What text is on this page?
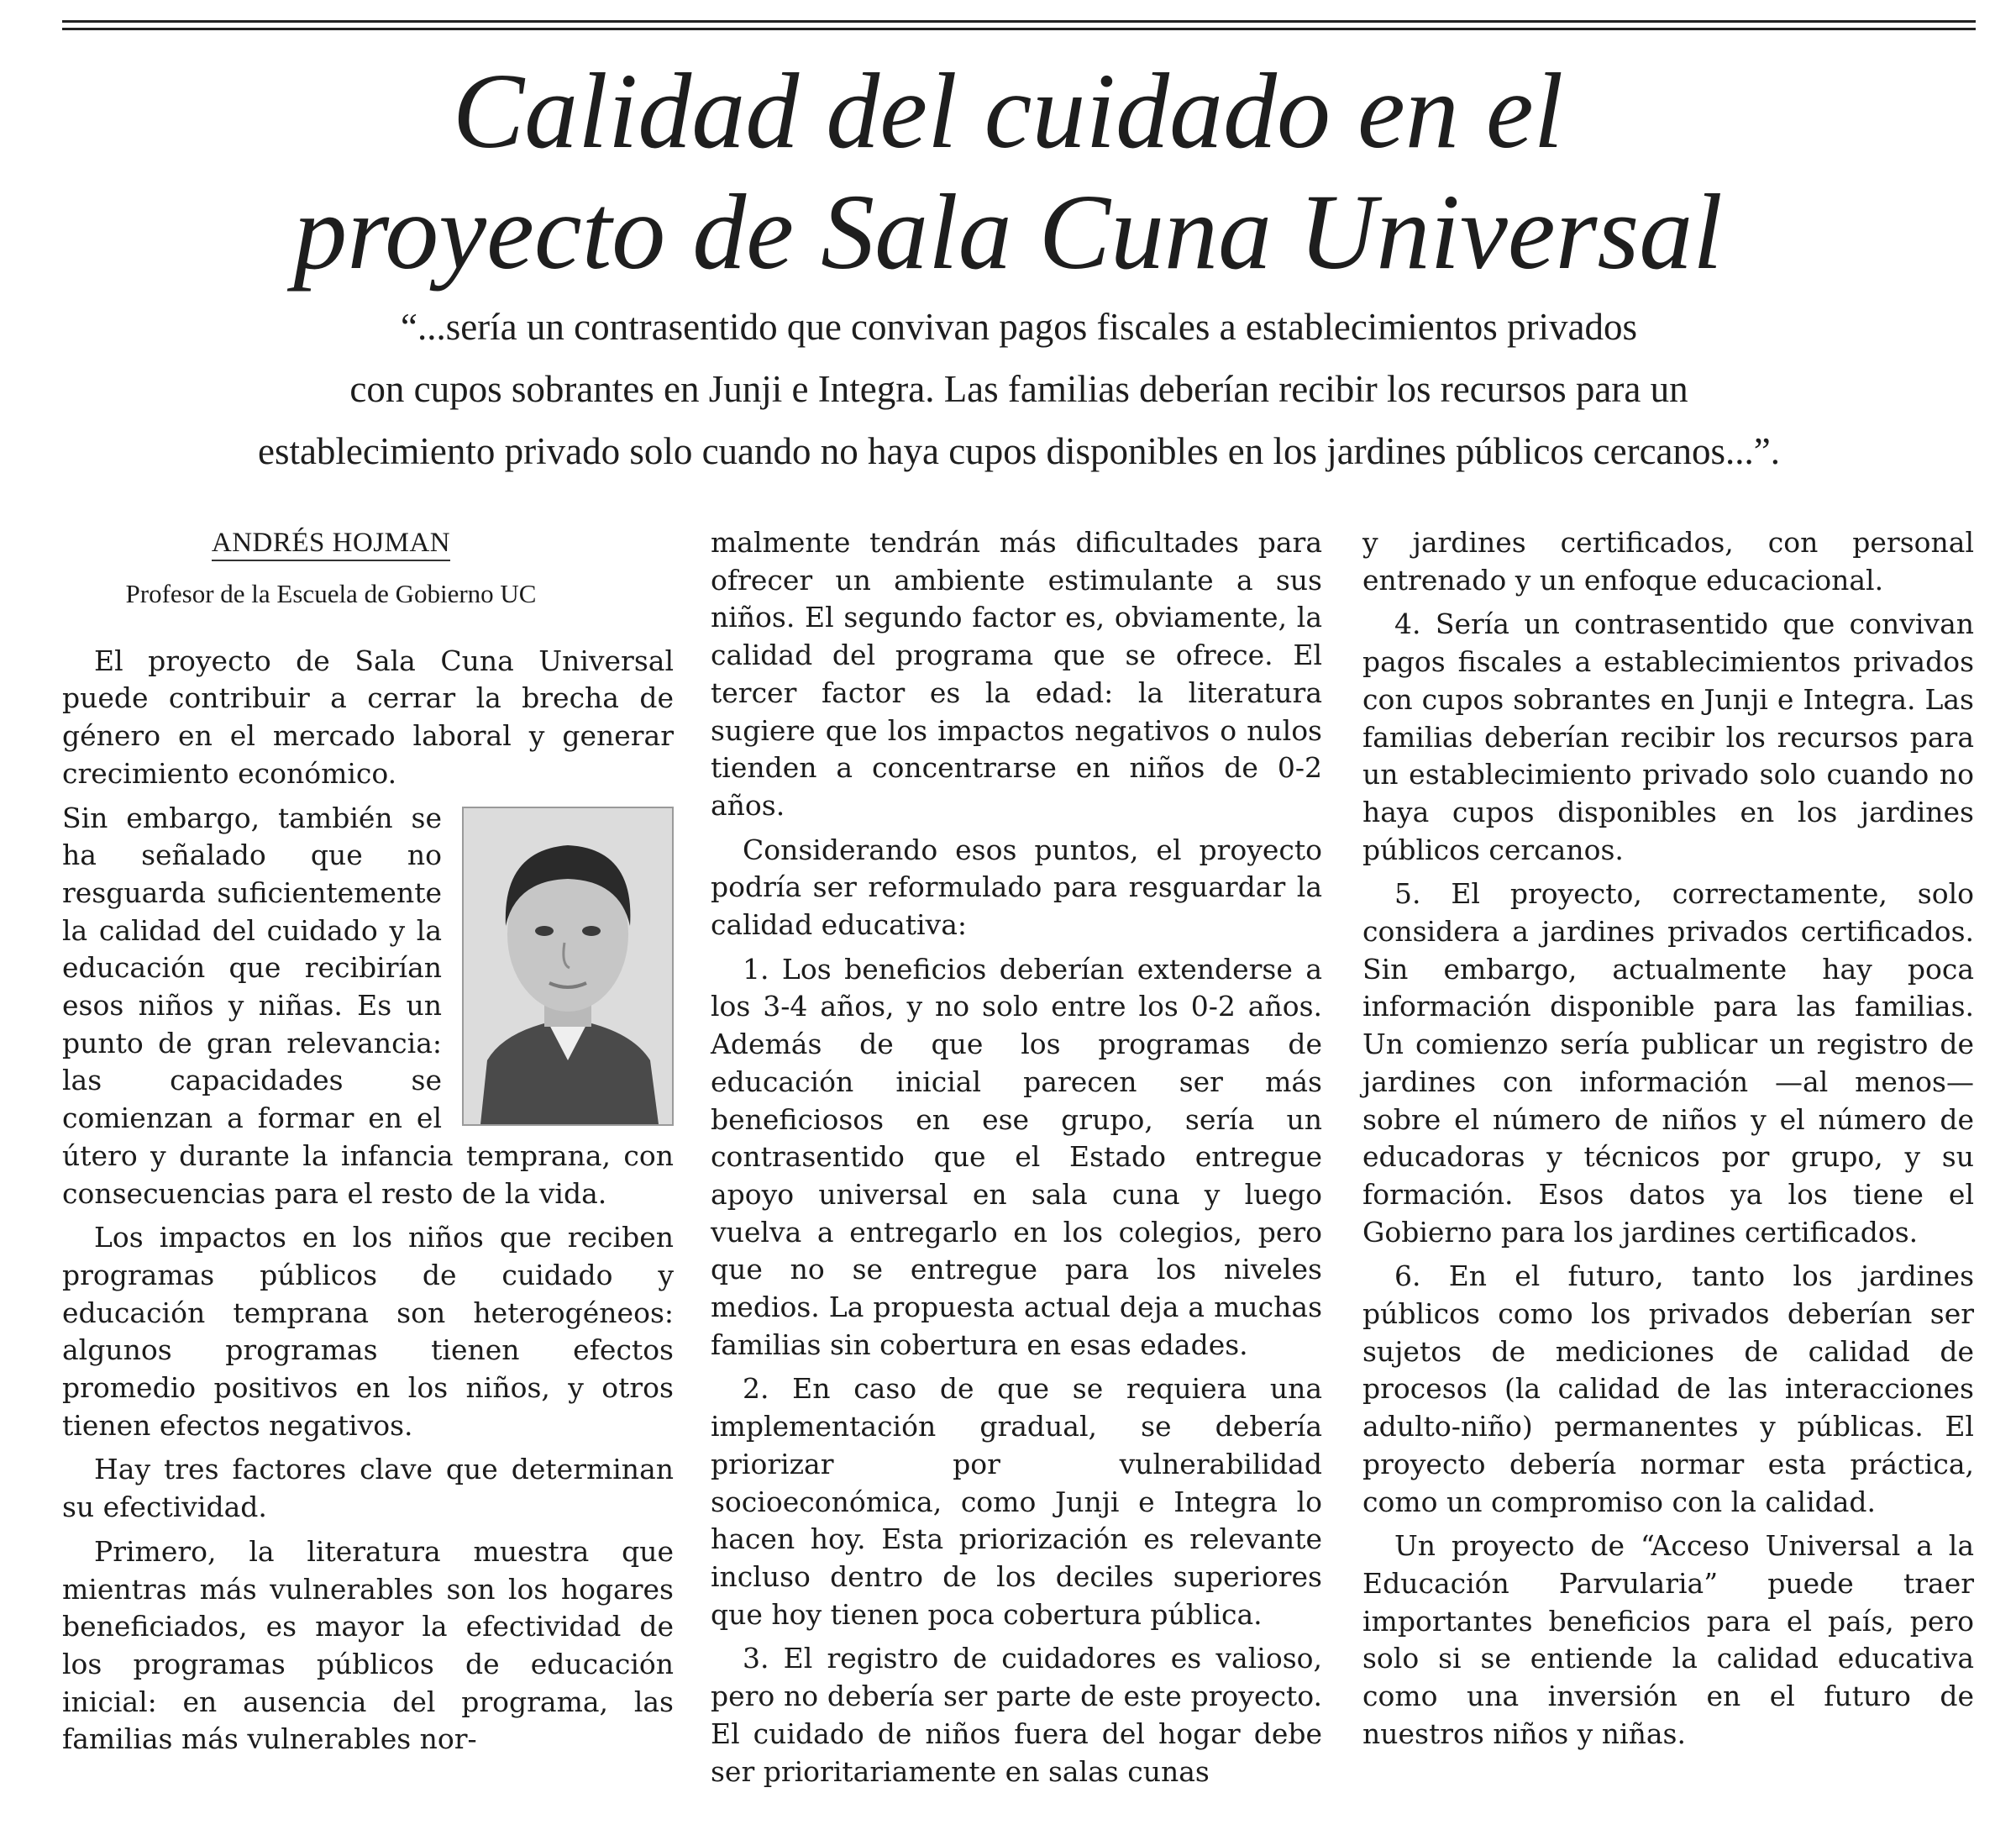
Calidad del cuidado en el
proyecto de Sala Cuna Universal
“...sería un contrasentido que convivan pagos fiscales a establecimientos privados
con cupos sobrantes en Junji e Integra. Las familias deberían recibir los recursos para un
establecimiento privado solo cuando no haya cupos disponibles en los jardines públicos cercanos...”.
ANDRÉS HOJMAN
Profesor de la Escuela de Gobierno UC

El proyecto de Sala Cuna Universal puede contribuir a cerrar la brecha de género en el mercado laboral y generar crecimiento económico.

Sin embargo, también se ha señalado que no resguarda suficientemente la calidad del cuidado y la educación que recibirían esos niños y niñas. Es un punto de gran relevancia: las capacidades se comienzan a formar en el útero y durante la infancia temprana, con consecuencias para el resto de la vida.

Los impactos en los niños que reciben programas públicos de cuidado y educación temprana son heterogéneos: algunos programas tienen efectos promedio positivos en los niños, y otros tienen efectos negativos.

Hay tres factores clave que determinan su efectividad.

Primero, la literatura muestra que mientras más vulnerables son los hogares beneficiados, es mayor la efectividad de los programas públicos de educación inicial: en ausencia del programa, las familias más vulnerables nor-

malmente tendrán más dificultades para ofrecer un ambiente estimulante a sus niños. El segundo factor es, obviamente, la calidad del programa que se ofrece. El tercer factor es la edad: la literatura sugiere que los impactos negativos o nulos tienden a concentrarse en niños de 0-2 años.

Considerando esos puntos, el proyecto podría ser reformulado para resguardar la calidad educativa:

1. Los beneficios deberían extenderse a los 3-4 años, y no solo entre los 0-2 años. Además de que los programas de educación inicial parecen ser más beneficiosos en ese grupo, sería un contrasentido que el Estado entregue apoyo universal en sala cuna y luego vuelva a entregarlo en los colegios, pero que no se entregue para los niveles medios. La propuesta actual deja a muchas familias sin cobertura en esas edades.

2. En caso de que se requiera una implementación gradual, se debería priorizar por vulnerabilidad socioeconómica, como Junji e Integra lo hacen hoy. Esta priorización es relevante incluso dentro de los deciles superiores que hoy tienen poca cobertura pública.

3. El registro de cuidadores es valioso, pero no debería ser parte de este proyecto. El cuidado de niños fuera del hogar debe ser prioritariamente en salas cunas

y jardines certificados, con personal entrenado y un enfoque educacional.

4. Sería un contrasentido que convivan pagos fiscales a establecimientos privados con cupos sobrantes en Junji e Integra. Las familias deberían recibir los recursos para un establecimiento privado solo cuando no haya cupos disponibles en los jardines públicos cercanos.

5. El proyecto, correctamente, solo considera a jardines privados certificados. Sin embargo, actualmente hay poca información disponible para las familias. Un comienzo sería publicar un registro de jardines con información —al menos— sobre el número de niños y el número de educadoras y técnicos por grupo, y su formación. Esos datos ya los tiene el Gobierno para los jardines certificados.

6. En el futuro, tanto los jardines públicos como los privados deberían ser sujetos de mediciones de calidad de procesos (la calidad de las interacciones adulto-niño) permanentes y públicas. El proyecto debería normar esta práctica, como un compromiso con la calidad.

Un proyecto de “Acceso Universal a la Educación Parvularia” puede traer importantes beneficios para el país, pero solo si se entiende la calidad educativa como una inversión en el futuro de nuestros niños y niñas.
